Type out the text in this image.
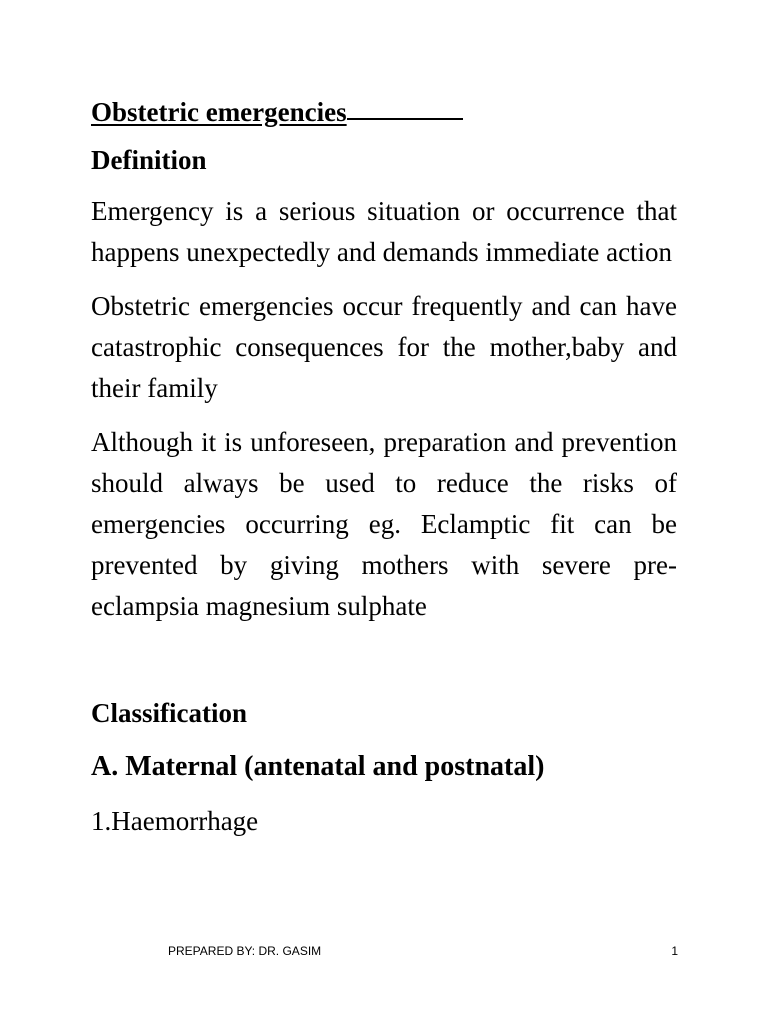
Obstetric emergencies

Definition

Emergency is a serious situation or occurrence that happens unexpectedly and demands immediate action

Obstetric emergencies occur frequently and can have catastrophic consequences for the mother,baby and their family

Although it is unforeseen, preparation and prevention should always be used to reduce the risks of emergencies occurring eg. Eclamptic fit can be prevented by giving mothers with severe pre-eclampsia magnesium sulphate

Classification

A. Maternal (antenatal and postnatal)

1.Haemorrhage

PREPARED BY: DR. GASIM	1
